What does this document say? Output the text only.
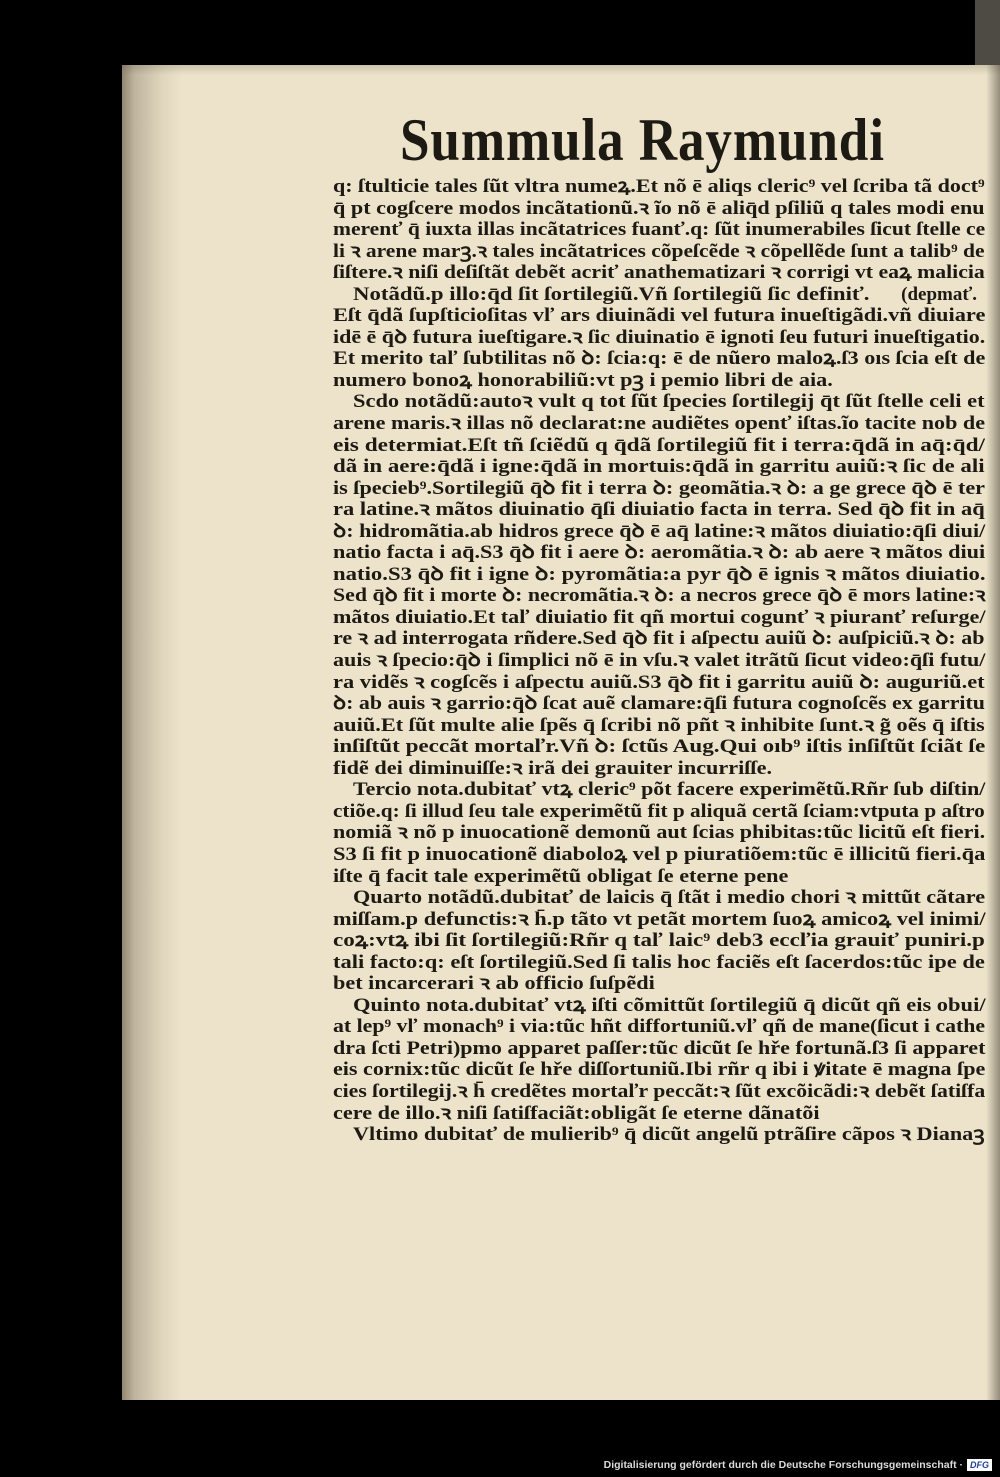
Summula Raymundi
q: ſtulticie tales ſũt vltra numeꝝ.Et nõ ē aliqs cleric⁹ vel ſcriba tã doct⁹
q̄ pt cogſcere modos incãtationũ.ꝛ ĩo nõ ē aliq̄d pſiliũ q tales modi enu
merenť q̄ iuxta illas incãtatrices fuanť.q: ſũt inumerabiles ſicut ſtelle ce
li ꝛ arene marꝫ.ꝛ tales incãtatrices cõpeſcẽde ꝛ cõpellẽde ſunt a talib⁹ de
ſiſtere.ꝛ niſi deſiſtãt debẽt acriť anathematizari ꝛ corrigi vt eaꝝ malicia
(depmať.
Notãdũ.p illo:q̄d ſit ſortilegiũ.Vñ ſortilegiũ ſic definiť.
Eſt q̄dã ſupſticioſitas vľ ars diuinãdi vel futura inueſtigãdi.vñ diuiare
idē ē q̄ꝺ futura iueſtigare.ꝛ ſic diuinatio ē ignoti ſeu futuri inueſtigatio.
Et merito taľ ſubtilitas nõ ꝺ: ſcia:q: ē de nũero maloꝝ.ſ3 oıs ſcia eſt de
numero bonoꝝ honorabiliũ:vt pꝫ i pemio libri de aia.
Scdo notãdũ:autoꝛ vult q tot ſũt ſpecies ſortilegij q̄t ſũt ſtelle celi et
arene maris.ꝛ illas nõ declarat:ne audiẽtes openť iſtas.ĩo tacite nob de
eis determiat.Eſt tñ ſciẽdũ q q̄dã ſortilegiũ fit i terra:q̄dã in aq̄:q̄d/
dã in aere:q̄dã i igne:q̄dã in mortuis:q̄dã in garritu auiũ:ꝛ ſic de ali
is ſpecieb⁹.Sortilegiũ q̄ꝺ fit i terra ꝺ: geomãtia.ꝛ ꝺ: a ge grece q̄ꝺ ē ter
ra latine.ꝛ mãtos diuinatio q̄ſi diuiatio facta in terra. Sed q̄ꝺ fit in aq̄
ꝺ: hidromãtia.ab hidros grece q̄ꝺ ē aq̄ latine:ꝛ mãtos diuiatio:q̄ſi diui/
natio facta i aq̄.S3 q̄ꝺ fit i aere ꝺ: aeromãtia.ꝛ ꝺ: ab aere ꝛ mãtos diui
natio.S3 q̄ꝺ fit i igne ꝺ: pyromãtia:a pyr q̄ꝺ ē ignis ꝛ mãtos diuiatio.
Sed q̄ꝺ fit i morte ꝺ: necromãtia.ꝛ ꝺ: a necros grece q̄ꝺ ē mors latine:ꝛ
mãtos diuiatio.Et taľ diuiatio fit qñ mortui cogunť ꝛ piuranť reſurge/
re ꝛ ad interrogata rñdere.Sed q̄ꝺ fit i aſpectu auiũ ꝺ: auſpiciũ.ꝛ ꝺ: ab
auis ꝛ ſpecio:q̄ꝺ i ſimplici nõ ē in vſu.ꝛ valet itrãtũ ſicut video:q̄ſi futu/
ra vidẽs ꝛ cogſcẽs i aſpectu auiũ.S3 q̄ꝺ fit i garritu auiũ ꝺ: auguriũ.et
ꝺ: ab auis ꝛ garrio:q̄ꝺ ſcat auẽ clamare:q̄ſi futura cognoſcẽs ex garritu
auiũ.Et ſũt multe alie ſpẽs q̄ ſcribi nõ pñt ꝛ inhibite ſunt.ꝛ g̃ oẽs q̄ iſtis
inſiſtũt peccãt mortaľr.Vñ ꝺ: ſctũs Aug.Qui oıb⁹ iſtis inſiſtũt ſciãt ſe
fidẽ dei diminuiſſe:ꝛ irã dei grauiter incurriſſe.
Tercio nota.dubitať vtꝝ cleric⁹ põt facere experimẽtũ.Rñr ſub diſtin/
ctiõe.q: ſi illud ſeu tale experimẽtũ fit p aliquã certã ſciam:vtputa p aſtro
nomiã ꝛ nõ p inuocationẽ demonũ aut ſcias phibitas:tũc licitũ eſt fieri.
S3 ſi fit p inuocationẽ diaboloꝝ vel p piuratiõem:tũc ē illicitũ fieri.q̄a
iſte q̄ facit tale experimẽtũ obligat ſe eterne pene
Quarto notãdũ.dubitať de laicis q̄ ſtãt i medio chori ꝛ mittũt cãtare
miſſam.p defunctis:ꝛ h̄.p tãto vt petãt mortem ſuoꝝ amicoꝝ vel inimi/
coꝝ:vtꝝ ibi ſit ſortilegiũ:Rñr q taľ laic⁹ deb3 eccľia grauiť puniri.p
tali facto:q: eſt ſortilegiũ.Sed ſi talis hoc faciẽs eſt ſacerdos:tũc ipe de
bet incarcerari ꝛ ab officio ſuſpẽdi
Quinto nota.dubitať vtꝝ iſti cõmittũt ſortilegiũ q̄ dicũt qñ eis obui/
at lep⁹ vľ monach⁹ i via:tũc hñt diffortuniũ.vľ qñ de mane(ſicut i cathe
dra ſcti Petri)pmo apparet paſſer:tũc dicũt ſe hře fortunã.ſ3 ſi apparet
eis cornix:tũc dicũt ſe hře diſſortuniũ.Ibi rñr q ibi i ꝟitate ē magna ſpe
cies ſortilegij.ꝛ h̄ credẽtes mortaľr peccãt:ꝛ ſũt excõicãdi:ꝛ debẽt ſatiſfa
cere de illo.ꝛ niſi ſatiſfaciãt:obligãt ſe eterne dãnatõi
Vltimo dubitať de mulierib⁹ q̄ dicũt angelũ ptrãſire cãpos ꝛ Dianaꝫ
Digitalisierung gefördert durch die Deutsche Forschungsgemeinschaft · DFG
